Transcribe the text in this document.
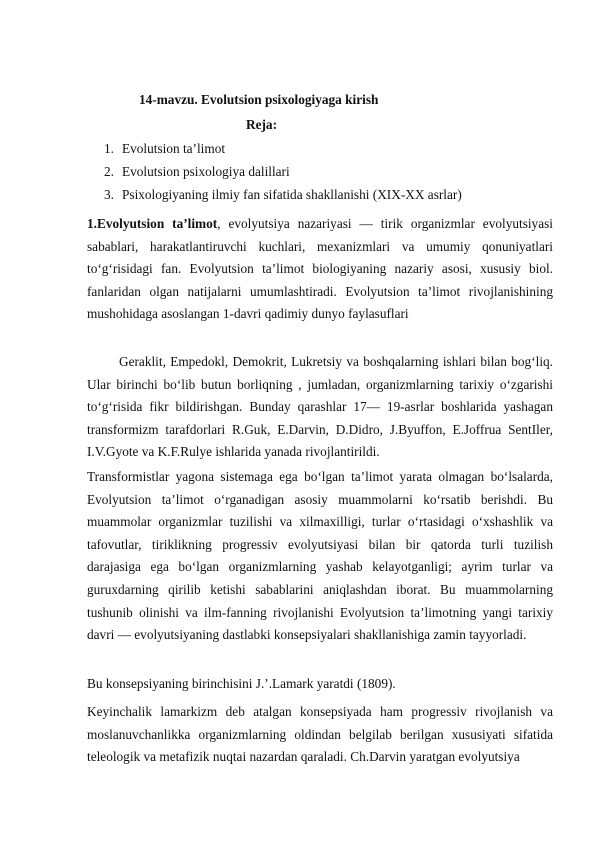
14-mavzu. Evolutsion psixologiyaga kirish
Reja:
1. Evolutsion ta’limot
2. Evolutsion psixologiya dalillari
3. Psixologiyaning ilmiy fan sifatida shakllanishi (XIX-XX asrlar)

1.Evolyutsion ta’limot, evolyutsiya nazariyasi — tirik organizmlar evolyutsiyasi sabablari, harakatlantiruvchi kuchlari, mexanizmlari va umumiy qonuniyatlari to‘g‘risidagi fan. Evolyutsion ta’limot biologiyaning nazariy asosi, xususiy biol. fanlaridan olgan natijalarni umumlashtiradi. Evolyutsion ta’limot rivojlanishining mushohidaga asoslangan 1-davri qadimiy dunyo faylasuflari

Geraklit, Empedokl, Demokrit, Lukretsiy va boshqalarning ishlari bilan bog‘liq. Ular birinchi bo‘lib butun borliqning , jumladan, organizmlarning tarixiy o‘zgarishi to‘g‘risida fikr bildirishgan. Bunday qarashlar 17— 19-asrlar boshlarida yashagan transformizm tarafdorlari R.Guk, E.Darvin, D.Didro, J.Byuffon, E.Joffrua SentIler, I.V.Gyote va K.F.Rulye ishlarida yanada rivojlantirildi.

Transformistlar yagona sistemaga ega bo‘lgan ta’limot yarata olmagan bo‘lsalarda, Evolyutsion ta’limot o‘rganadigan asosiy muammolarni ko‘rsatib berishdi. Bu muammolar organizmlar tuzilishi va xilmaxilligi, turlar o‘rtasidagi o‘xshashlik va tafovutlar, tiriklikning progressiv evolyutsiyasi bilan bir qatorda turli tuzilish darajasiga ega bo‘lgan organizmlarning yashab kelayotganligi; ayrim turlar va guruxdarning qirilib ketishi sabablarini aniqlashdan iborat. Bu muammolarning tushunib olinishi va ilm-fanning rivojlanishi Evolyutsion ta’limotning yangi tarixiy davri — evolyutsiyaning dastlabki konsepsiyalari shakllanishiga zamin tayyorladi.

Bu konsepsiyaning birinchisini J.’.Lamark yaratdi (1809).

Keyinchalik lamarkizm deb atalgan konsepsiyada ham progressiv rivojlanish va moslanuvchanlikka organizmlarning oldindan belgilab berilgan xususiyati sifatida teleologik va metafizik nuqtai nazardan qaraladi. Ch.Darvin yaratgan evolyutsiya
